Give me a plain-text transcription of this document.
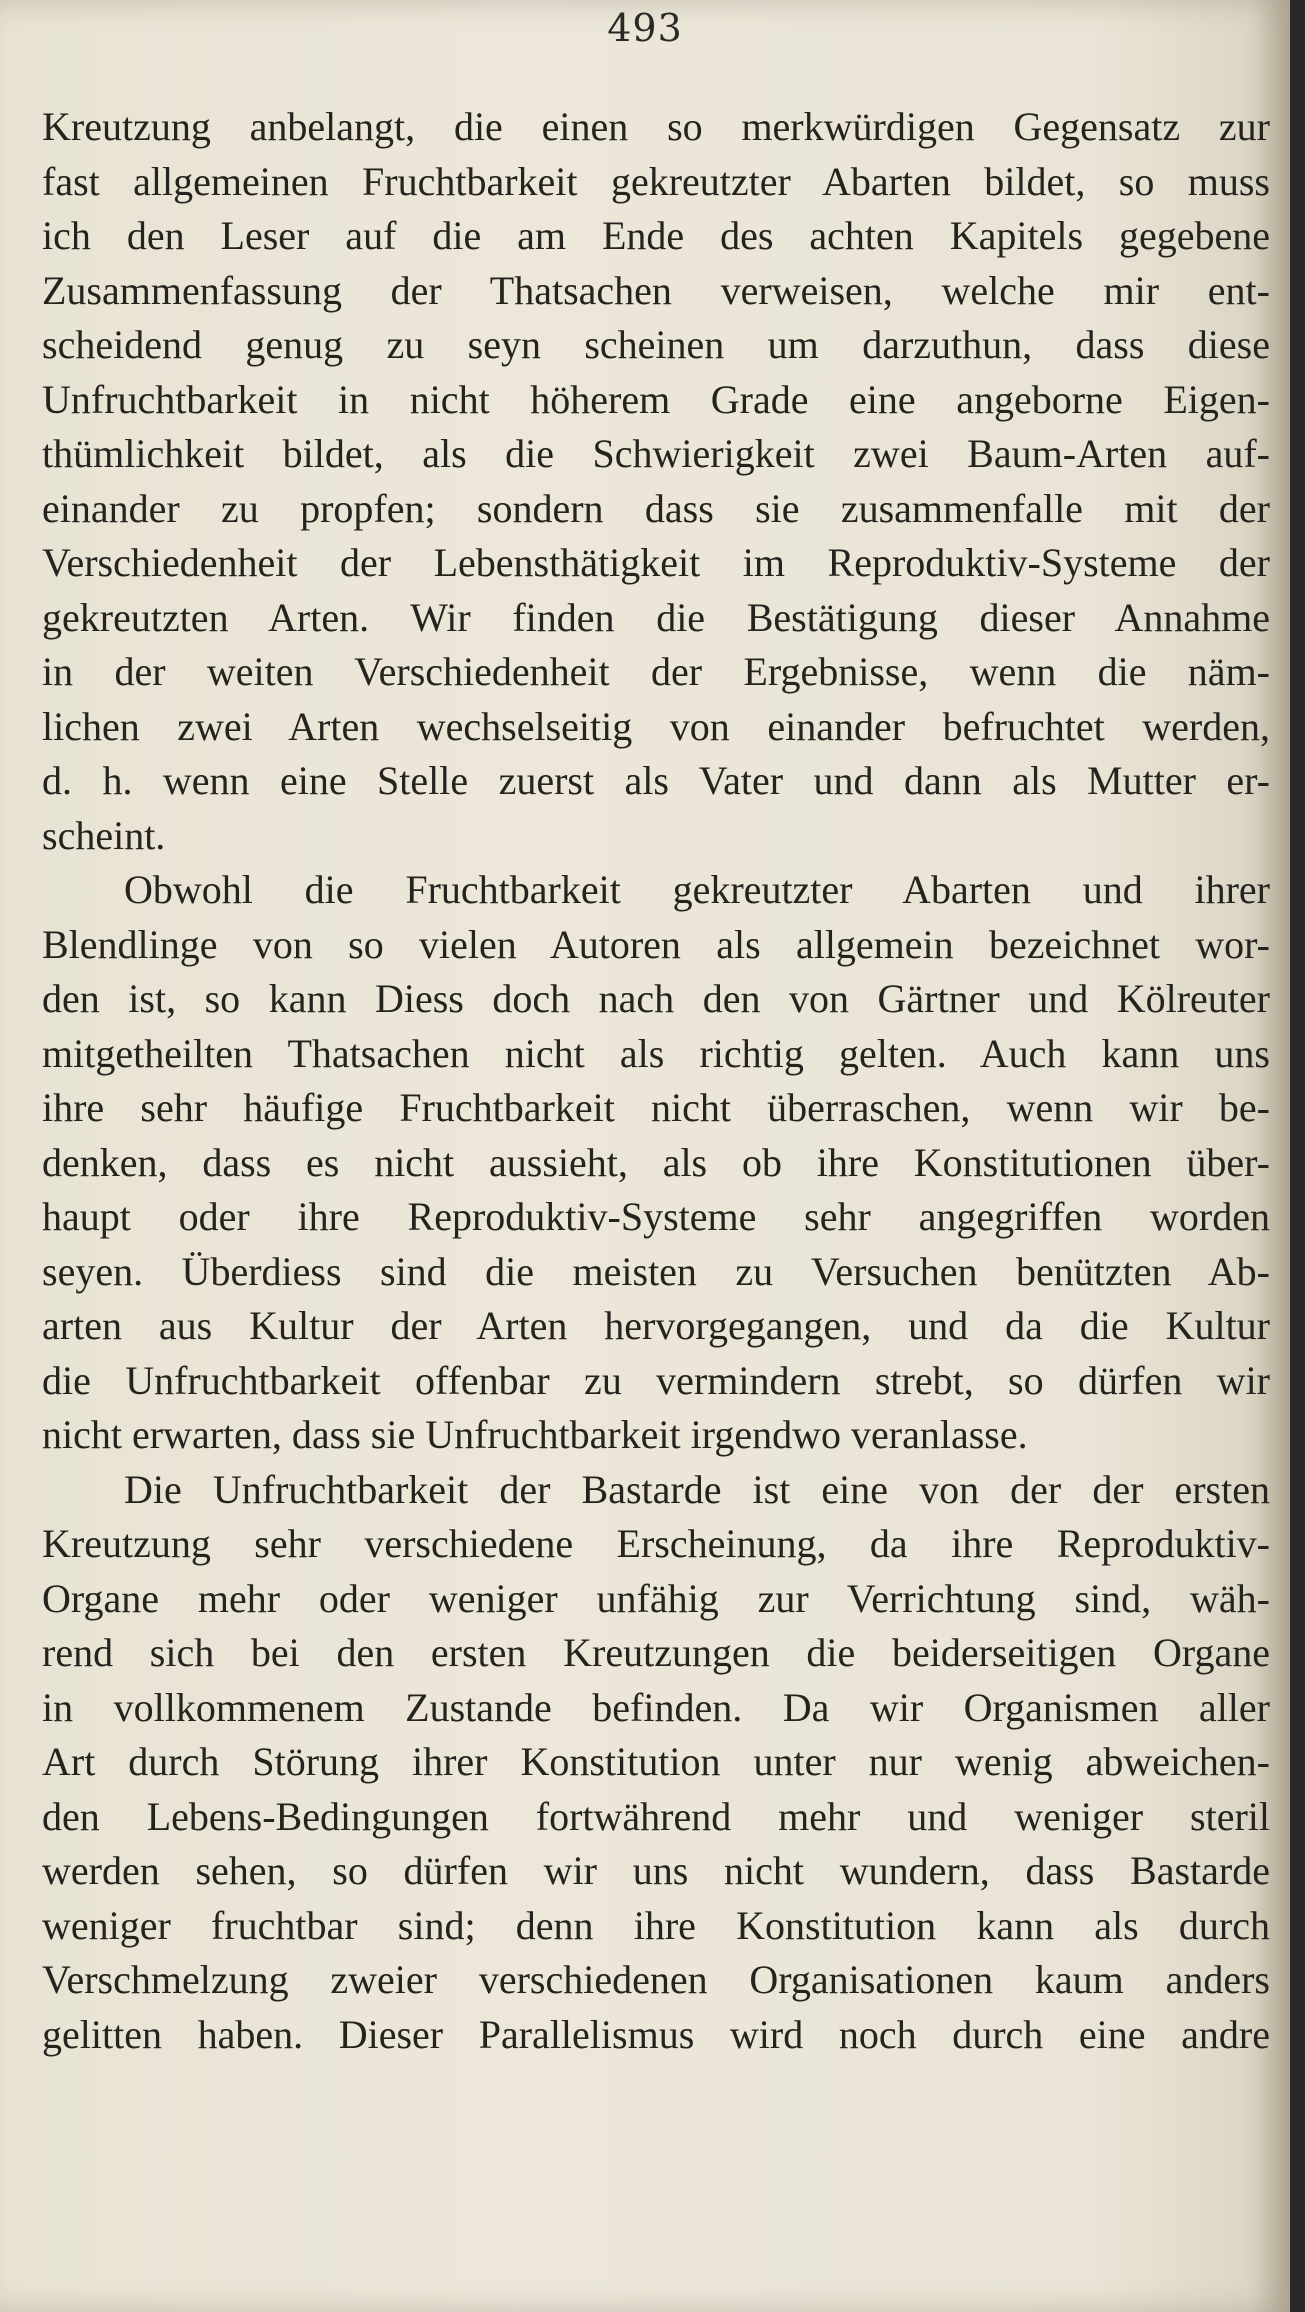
493
Kreutzung anbelangt, die einen so merkwürdigen Gegensatz zur
fast allgemeinen Fruchtbarkeit gekreutzter Abarten bildet, so muss
ich den Leser auf die am Ende des achten Kapitels gegebene
Zusammenfassung der Thatsachen verweisen, welche mir ent-
scheidend genug zu seyn scheinen um darzuthun, dass diese
Unfruchtbarkeit in nicht höherem Grade eine angeborne Eigen-
thümlichkeit bildet, als die Schwierigkeit zwei Baum-Arten auf-
einander zu propfen; sondern dass sie zusammenfalle mit der
Verschiedenheit der Lebensthätigkeit im Reproduktiv-Systeme der
gekreutzten Arten. Wir finden die Bestätigung dieser Annahme
in der weiten Verschiedenheit der Ergebnisse, wenn die näm-
lichen zwei Arten wechselseitig von einander befruchtet werden,
d. h. wenn eine Stelle zuerst als Vater und dann als Mutter er-
scheint.
Obwohl die Fruchtbarkeit gekreutzter Abarten und ihrer
Blendlinge von so vielen Autoren als allgemein bezeichnet wor-
den ist, so kann Diess doch nach den von Gärtner und Kölreuter
mitgetheilten Thatsachen nicht als richtig gelten. Auch kann uns
ihre sehr häufige Fruchtbarkeit nicht überraschen, wenn wir be-
denken, dass es nicht aussieht, als ob ihre Konstitutionen über-
haupt oder ihre Reproduktiv-Systeme sehr angegriffen worden
seyen. Überdiess sind die meisten zu Versuchen benützten Ab-
arten aus Kultur der Arten hervorgegangen, und da die Kultur
die Unfruchtbarkeit offenbar zu vermindern strebt, so dürfen wir
nicht erwarten, dass sie Unfruchtbarkeit irgendwo veranlasse.
Die Unfruchtbarkeit der Bastarde ist eine von der der ersten
Kreutzung sehr verschiedene Erscheinung, da ihre Reproduktiv-
Organe mehr oder weniger unfähig zur Verrichtung sind, wäh-
rend sich bei den ersten Kreutzungen die beiderseitigen Organe
in vollkommenem Zustande befinden. Da wir Organismen aller
Art durch Störung ihrer Konstitution unter nur wenig abweichen-
den Lebens-Bedingungen fortwährend mehr und weniger steril
werden sehen, so dürfen wir uns nicht wundern, dass Bastarde
weniger fruchtbar sind; denn ihre Konstitution kann als durch
Verschmelzung zweier verschiedenen Organisationen kaum anders
gelitten haben. Dieser Parallelismus wird noch durch eine andre
